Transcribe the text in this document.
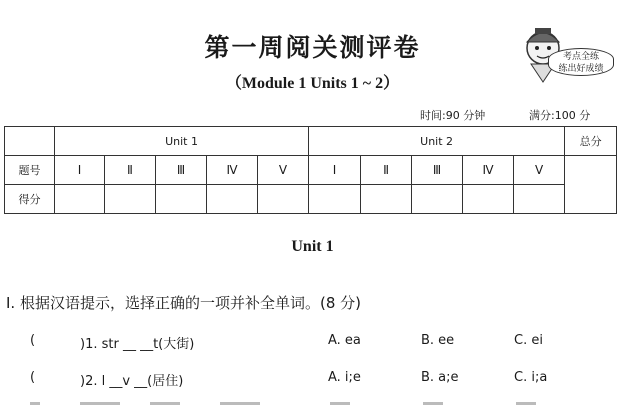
第一周阅关测评卷
（Module 1 Units 1 ~ 2）
考点全练
练出好成绩
时间:90 分钟	满分:100 分
	Unit 1					Unit 2					总分
题号	Ⅰ	Ⅱ	Ⅲ	Ⅳ	Ⅴ	Ⅰ	Ⅱ	Ⅲ	Ⅳ	Ⅴ	
得分											
Unit 1
Ⅰ. 根据汉语提示，选择正确的一项并补全单词。(8 分)
(	)1. str __ __t(大街)	A. ea	B. ee	C. ei
(	)2. l __v __(居住)	A. i;e	B. a;e	C. i;a
